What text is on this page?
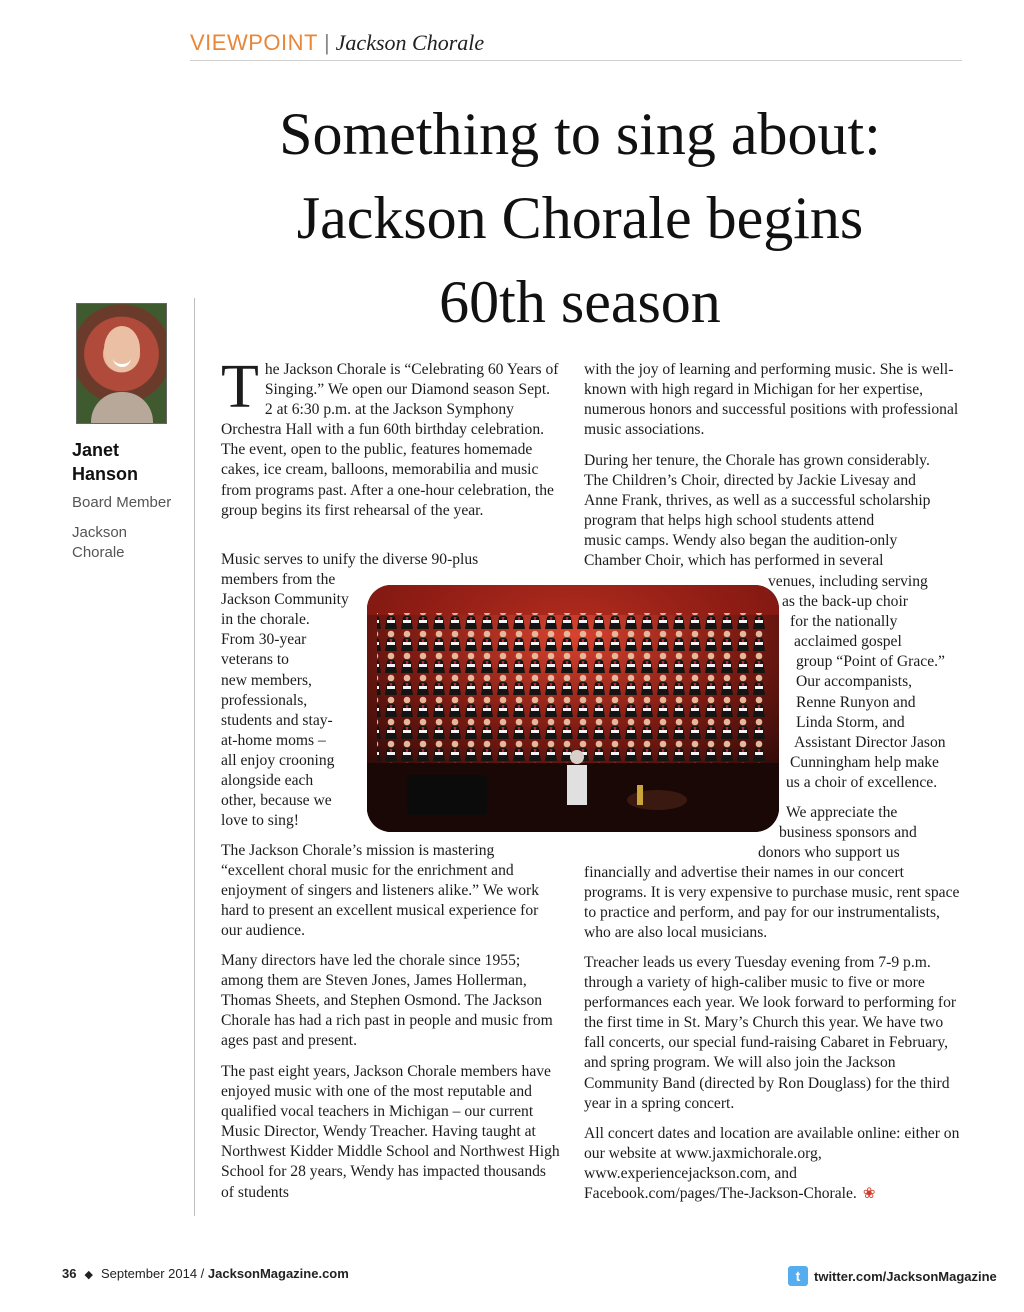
VIEWPOINT | Jackson Chorale
Something to sing about:
Jackson Chorale begins
60th season
Janet
Hanson
Board Member
Jackson
Chorale

The Jackson Chorale is “Celebrating 60 Years of Singing.” We open our Diamond season Sept. 2 at 6:30 p.m. at the Jackson Symphony Orchestra Hall with a fun 60th birthday celebration. The event, open to the public, features homemade cakes, ice cream, balloons, memorabilia and music from programs past. After a one-hour celebration, the group begins its first rehearsal of the year.

Music serves to unify the diverse 90-plus
members from the
Jackson Community
in the chorale.
From 30-year
veterans to
new members,
professionals,
students and stay-
at-home moms –
all enjoy crooning
alongside each
other, because we
love to sing!

The Jackson Chorale’s mission is mastering “excellent choral music for the enrichment and enjoyment of singers and listeners alike.” We work hard to present an excellent musical experience for our audience.

Many directors have led the chorale since 1955; among them are Steven Jones, James Hollerman, Thomas Sheets, and Stephen Osmond. The Jackson Chorale has had a rich past in people and music from ages past and present.

The past eight years, Jackson Chorale members have enjoyed music with one of the most reputable and qualified vocal teachers in Michigan – our current Music Director, Wendy Treacher. Having taught at Northwest Kidder Middle School and Northwest High School for 28 years, Wendy has impacted thousands of students

with the joy of learning and performing music. She is well-known with high regard in Michigan for her expertise, numerous honors and successful positions with professional music associations.

During her tenure, the Chorale has grown considerably.
The Children’s Choir, directed by Jackie Livesay and
Anne Frank, thrives, as well as a successful scholarship
program that helps high school students attend
music camps. Wendy also began the audition-only
Chamber Choir, which has performed in several
venues, including serving
as the back-up choir
for the nationally
acclaimed gospel
group “Point of Grace.”
Our accompanists,
Renne Runyon and
Linda Storm, and
Assistant Director Jason
Cunningham help make
us a choir of excellence.
We appreciate the
business sponsors and
donors who support us

financially and advertise their names in our concert programs. It is very expensive to purchase music, rent space to practice and perform, and pay for our instrumentalists, who are also local musicians.

Treacher leads us every Tuesday evening from 7-9 p.m. through a variety of high-caliber music to five or more performances each year. We look forward to performing for the first time in St. Mary’s Church this year. We have two fall concerts, our special fund-raising Cabaret in February, and spring program. We will also join the Jackson Community Band (directed by Ron Douglass) for the third year in a spring concert.

All concert dates and location are available online: either on our website at www.jaxmichorale.org, www.experiencejackson.com, and Facebook.com/pages/The-Jackson-Chorale. ❀

36 ◆ September 2014 / JacksonMagazine.com	t	twitter.com/JacksonMagazine
